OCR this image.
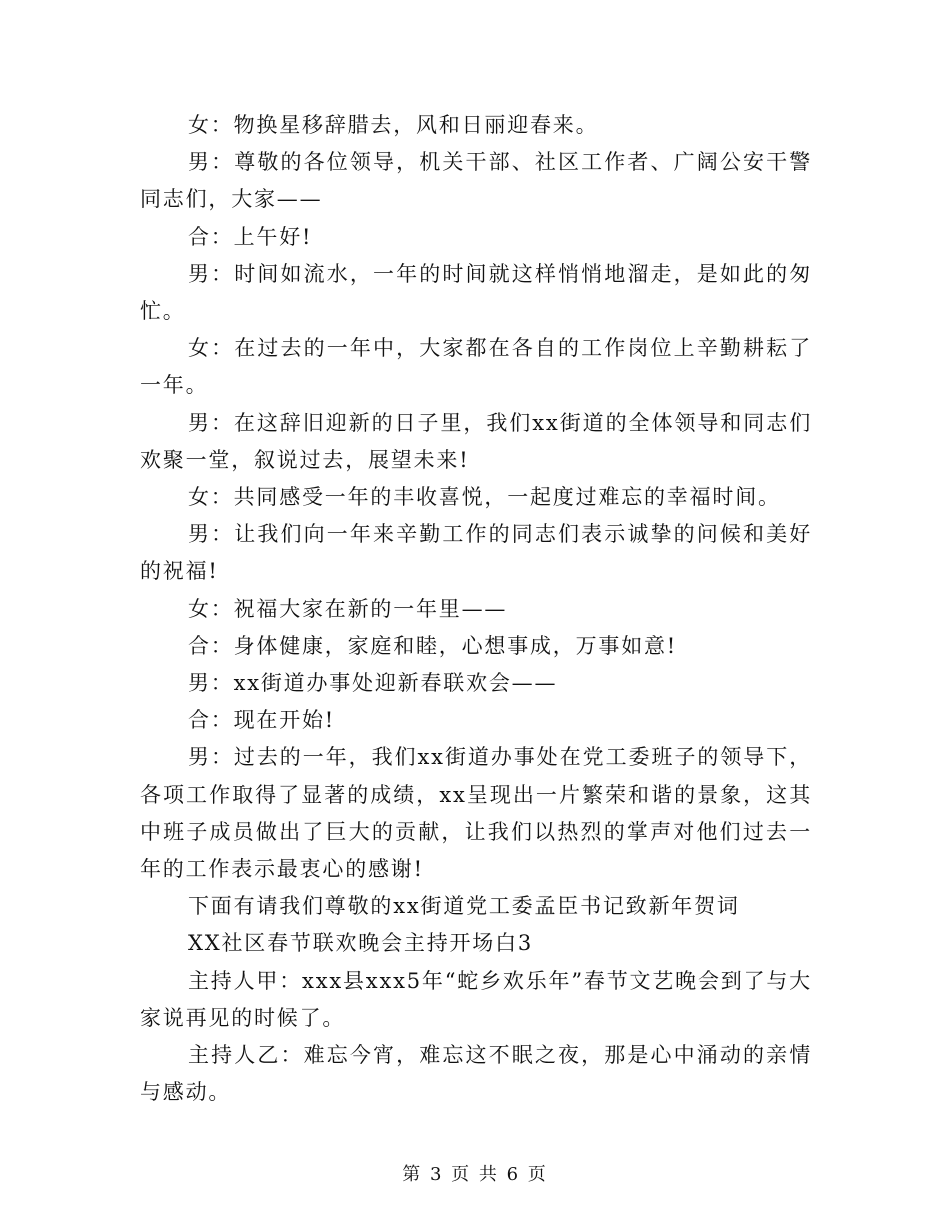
女：物换星移辞腊去，风和日丽迎春来。

男：尊敬的各位领导，机关干部、社区工作者、广阔公安干警同志们，大家——

合：上午好!

男：时间如流水，一年的时间就这样悄悄地溜走，是如此的匆忙。

女：在过去的一年中，大家都在各自的工作岗位上辛勤耕耘了一年。

男：在这辞旧迎新的日子里，我们xx街道的全体领导和同志们欢聚一堂，叙说过去，展望未来!

女：共同感受一年的丰收喜悦，一起度过难忘的幸福时间。

男：让我们向一年来辛勤工作的同志们表示诚挚的问候和美好的祝福!

女：祝福大家在新的一年里——

合：身体健康，家庭和睦，心想事成，万事如意!

男：xx街道办事处迎新春联欢会——

合：现在开始!

男：过去的一年，我们xx街道办事处在党工委班子的领导下，各项工作取得了显著的成绩，xx呈现出一片繁荣和谐的景象，这其中班子成员做出了巨大的贡献，让我们以热烈的掌声对他们过去一年的工作表示最衷心的感谢!

下面有请我们尊敬的xx街道党工委孟臣书记致新年贺词

XX社区春节联欢晚会主持开场白3

主持人甲：xxx县xxx5年“蛇乡欢乐年”春节文艺晚会到了与大家说再见的时候了。

主持人乙：难忘今宵，难忘这不眠之夜，那是心中涌动的亲情与感动。

第 3 页 共 6 页
